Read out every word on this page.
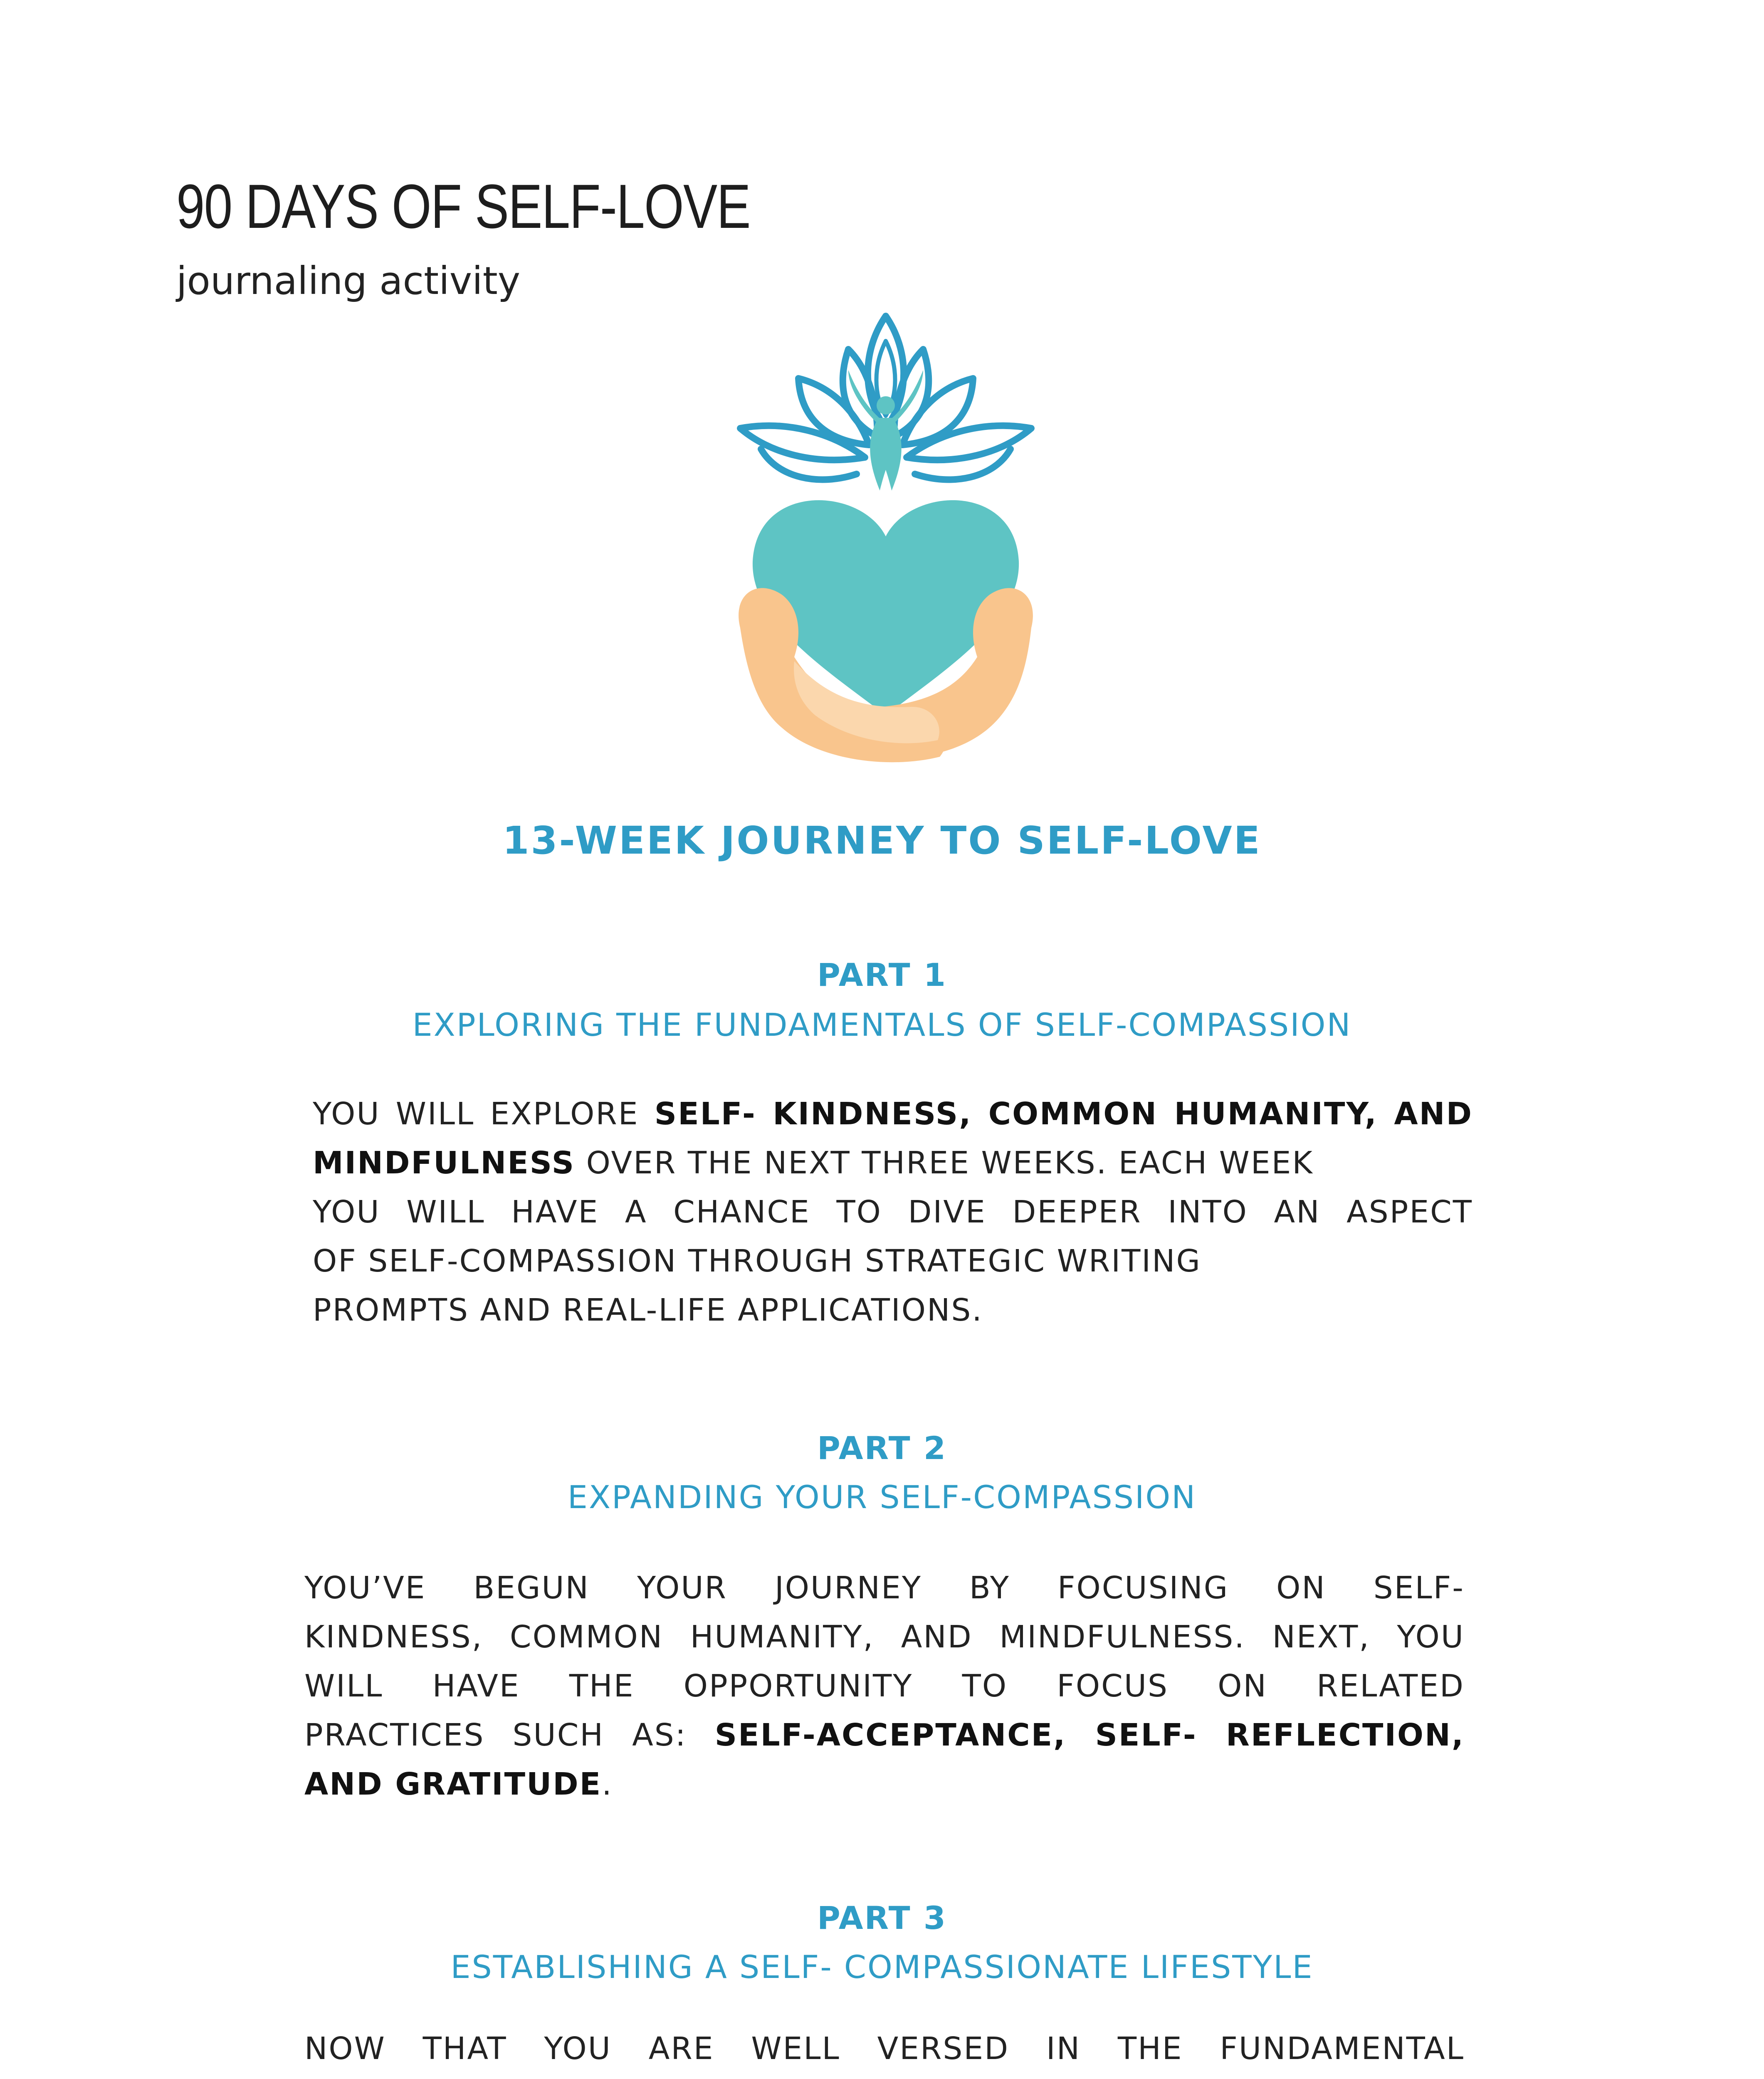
90 DAYS OF SELF-LOVE
journaling activity
13-WEEK JOURNEY TO SELF-LOVE
PART 1
EXPLORING THE FUNDAMENTALS OF SELF-COMPASSION
YOU WILL EXPLORE SELF- KINDNESS, COMMON HUMANITY, AND
MINDFULNESS OVER THE NEXT THREE WEEKS. EACH WEEK
YOU WILL HAVE A CHANCE TO DIVE DEEPER INTO AN ASPECT
OF SELF-COMPASSION THROUGH STRATEGIC WRITING
PROMPTS AND REAL-LIFE APPLICATIONS.
PART 2
EXPANDING YOUR SELF-COMPASSION
YOU’VE BEGUN YOUR JOURNEY BY FOCUSING ON SELF-
KINDNESS, COMMON HUMANITY, AND MINDFULNESS. NEXT, YOU
WILL HAVE THE OPPORTUNITY TO FOCUS ON RELATED
PRACTICES SUCH AS: SELF-ACCEPTANCE, SELF- REFLECTION,
AND GRATITUDE.
PART 3
ESTABLISHING A SELF- COMPASSIONATE LIFESTYLE
NOW THAT YOU ARE WELL VERSED IN THE FUNDAMENTAL
